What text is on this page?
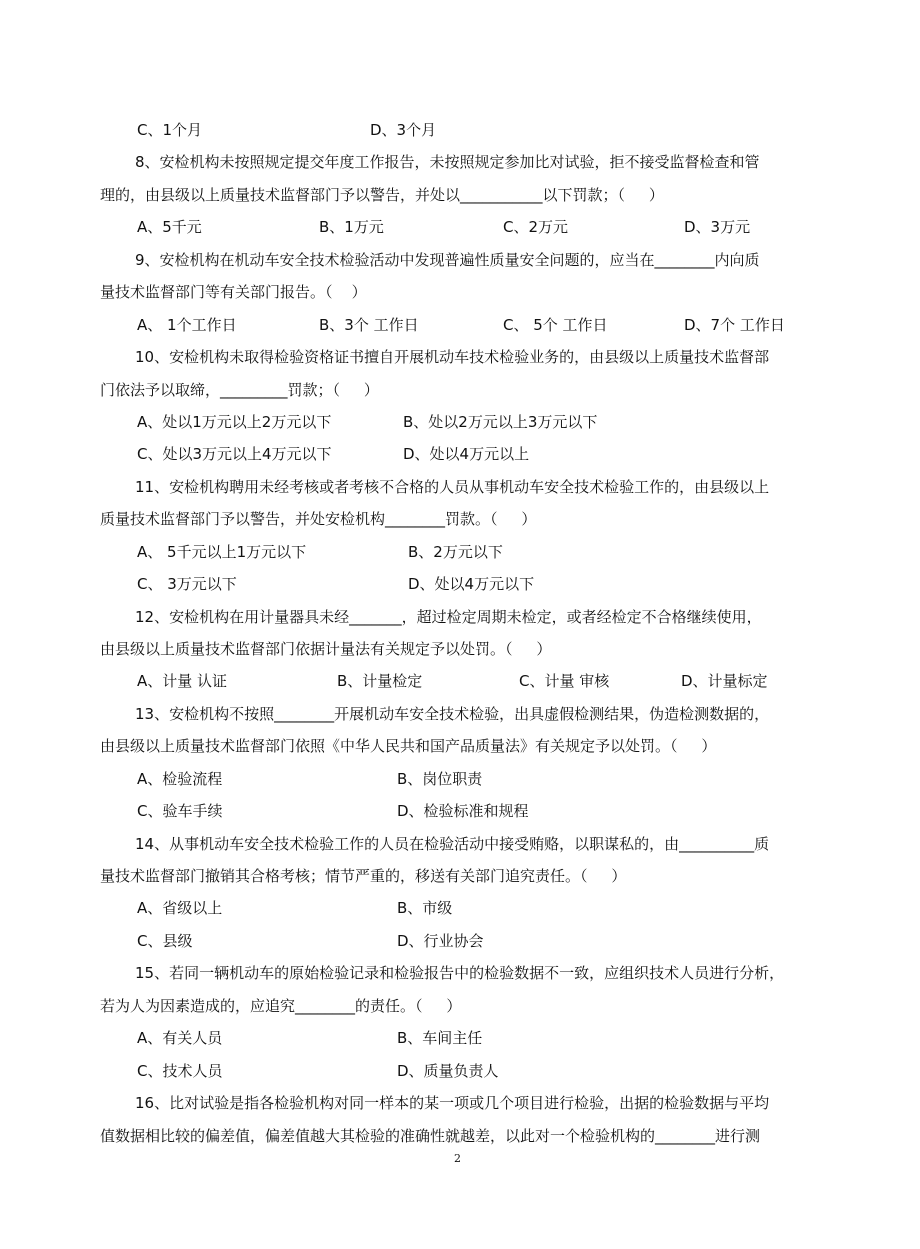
C、1个月

	D、3个月

8、安检机构未按照规定提交年度工作报告，未按照规定参加比对试验，拒不接受监督检查和管

理的，由县级以上质量技术监督部门予以警告，并处以___________以下罚款；（     ）

A、5千元

	B、1万元

	C、2万元

	D、3万元

9、安检机构在机动车安全技术检验活动中发现普遍性质量安全问题的，应当在________内向质

量技术监督部门等有关部门报告。（    ）

A、 1个工作日

	B、3个 工作日

	C、 5个 工作日

	D、7个 工作日

10、安检机构未取得检验资格证书擅自开展机动车技术检验业务的，由县级以上质量技术监督部

门依法予以取缔，_________罚款；（     ）

A、处以1万元以上2万元以下

	B、处以2万元以上3万元以下

C、处以3万元以上4万元以下

	D、处以4万元以上

11、安检机构聘用未经考核或者考核不合格的人员从事机动车安全技术检验工作的，由县级以上

质量技术监督部门予以警告，并处安检机构________罚款。（     ）

A、 5千元以上1万元以下

	B、2万元以下

C、 3万元以下

	D、处以4万元以下

12、安检机构在用计量器具未经_______，超过检定周期未检定，或者经检定不合格继续使用，

由县级以上质量技术监督部门依据计量法有关规定予以处罚。（     ）

A、计量 认证

	B、计量检定

	C、计量 审核

	D、计量标定

13、安检机构不按照________开展机动车安全技术检验，出具虚假检测结果，伪造检测数据的，

由县级以上质量技术监督部门依照《中华人民共和国产品质量法》有关规定予以处罚。（     ）

A、检验流程

	B、岗位职责

C、验车手续

	D、检验标准和规程

14、从事机动车安全技术检验工作的人员在检验活动中接受贿赂，以职谋私的，由__________质

量技术监督部门撤销其合格考核；情节严重的，移送有关部门追究责任。（     ）

A、省级以上

	B、市级

C、县级

	D、行业协会

15、若同一辆机动车的原始检验记录和检验报告中的检验数据不一致，应组织技术人员进行分析，

若为人为因素造成的，应追究________的责任。（     ）

A、有关人员

	B、车间主任

C、技术人员

	D、质量负责人

16、比对试验是指各检验机构对同一样本的某一项或几个项目进行检验，出据的检验数据与平均

值数据相比较的偏差值，偏差值越大其检验的准确性就越差，以此对一个检验机构的________进行测

2
